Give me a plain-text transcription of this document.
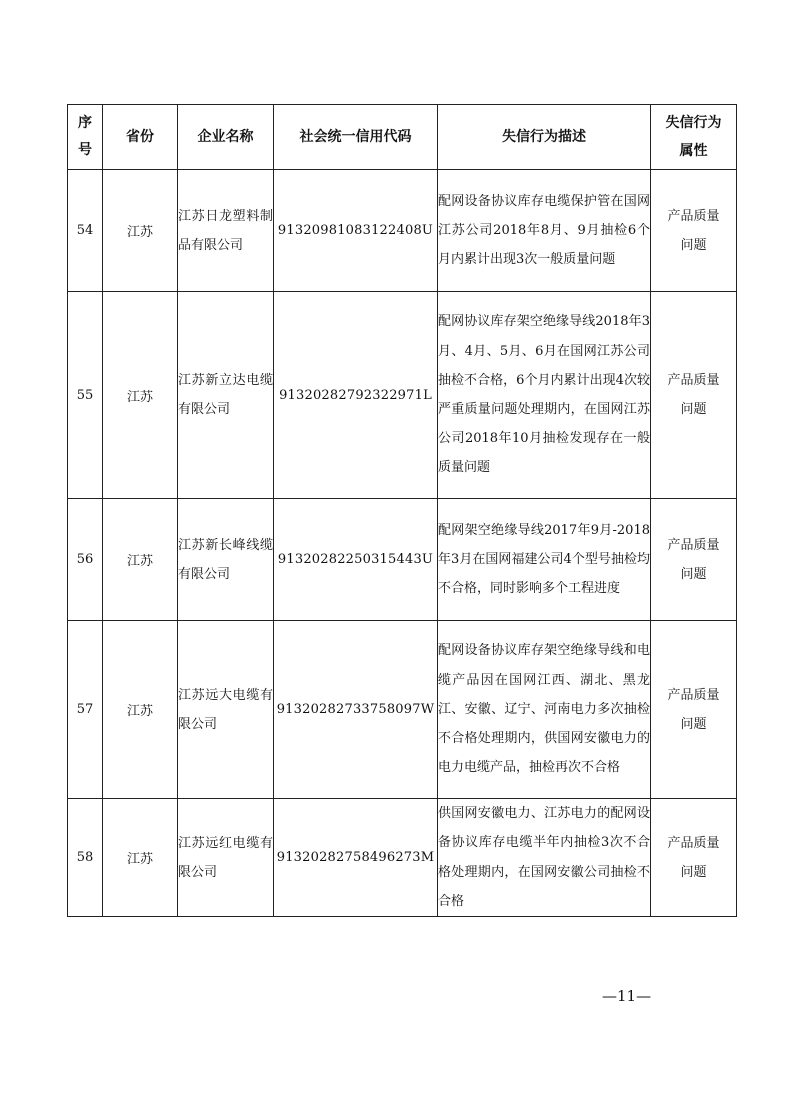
序号	省份	企业名称	社会统一信用代码	失信行为描述	失信行为属性
54	江苏	江苏日龙塑料制品有限公司	91320981083122408U	配网设备协议库存电缆保护管在国网江苏公司2018年8月、9月抽检6个月内累计出现3次一般质量问题	产品质量问题
55	江苏	江苏新立达电缆有限公司	91320282792322971L	配网协议库存架空绝缘导线2018年3月、4月、5月、6月在国网江苏公司抽检不合格，6个月内累计出现4次较严重质量问题处理期内，在国网江苏公司2018年10月抽检发现存在一般质量问题	产品质量问题
56	江苏	江苏新长峰线缆有限公司	91320282250315443U	配网架空绝缘导线2017年9月-2018年3月在国网福建公司4个型号抽检均不合格，同时影响多个工程进度	产品质量问题
57	江苏	江苏远大电缆有限公司	91320282733758097W	配网设备协议库存架空绝缘导线和电缆产品因在国网江西、湖北、黑龙江、安徽、辽宁、河南电力多次抽检不合格处理期内，供国网安徽电力的电力电缆产品，抽检再次不合格	产品质量问题
58	江苏	江苏远红电缆有限公司	91320282758496273M	供国网安徽电力、江苏电力的配网设备协议库存电缆半年内抽检3次不合格处理期内，在国网安徽公司抽检不合格	产品质量问题
—11—
